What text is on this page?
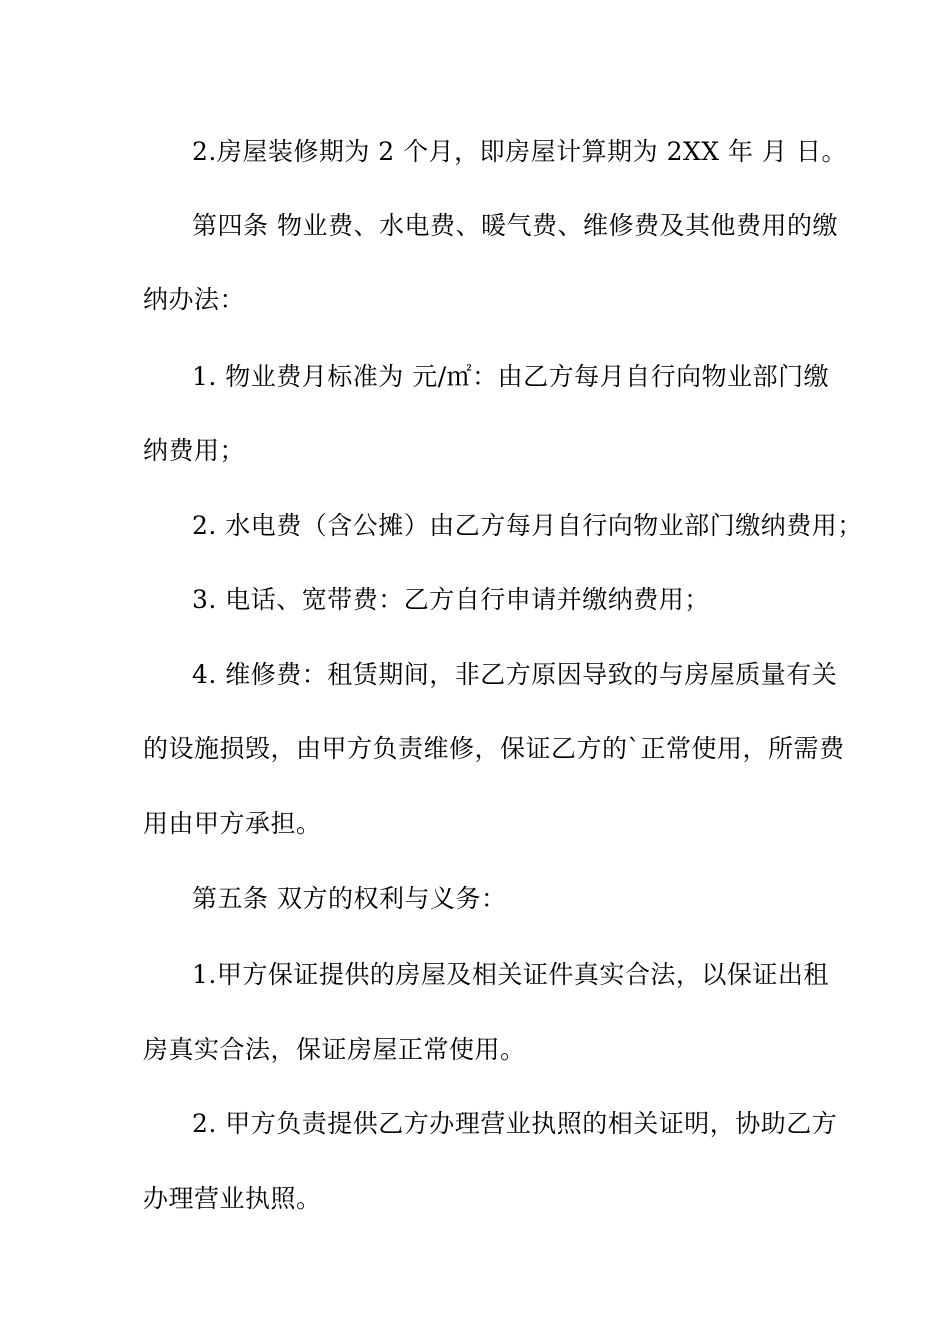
2.房屋装修期为 2 个月，即房屋计算期为 2XX 年 月 日。
第四条 物业费、水电费、暖气费、维修费及其他费用的缴
纳办法：
1. 物业费月标准为 元/㎡：由乙方每月自行向物业部门缴
纳费用；
2. 水电费（含公摊）由乙方每月自行向物业部门缴纳费用；
3. 电话、宽带费：乙方自行申请并缴纳费用；
4. 维修费：租赁期间，非乙方原因导致的与房屋质量有关
的设施损毁，由甲方负责维修，保证乙方的`正常使用，所需费
用由甲方承担。
第五条 双方的权利与义务：
1.甲方保证提供的房屋及相关证件真实合法，以保证出租
房真实合法，保证房屋正常使用。
2. 甲方负责提供乙方办理营业执照的相关证明，协助乙方
办理营业执照。
